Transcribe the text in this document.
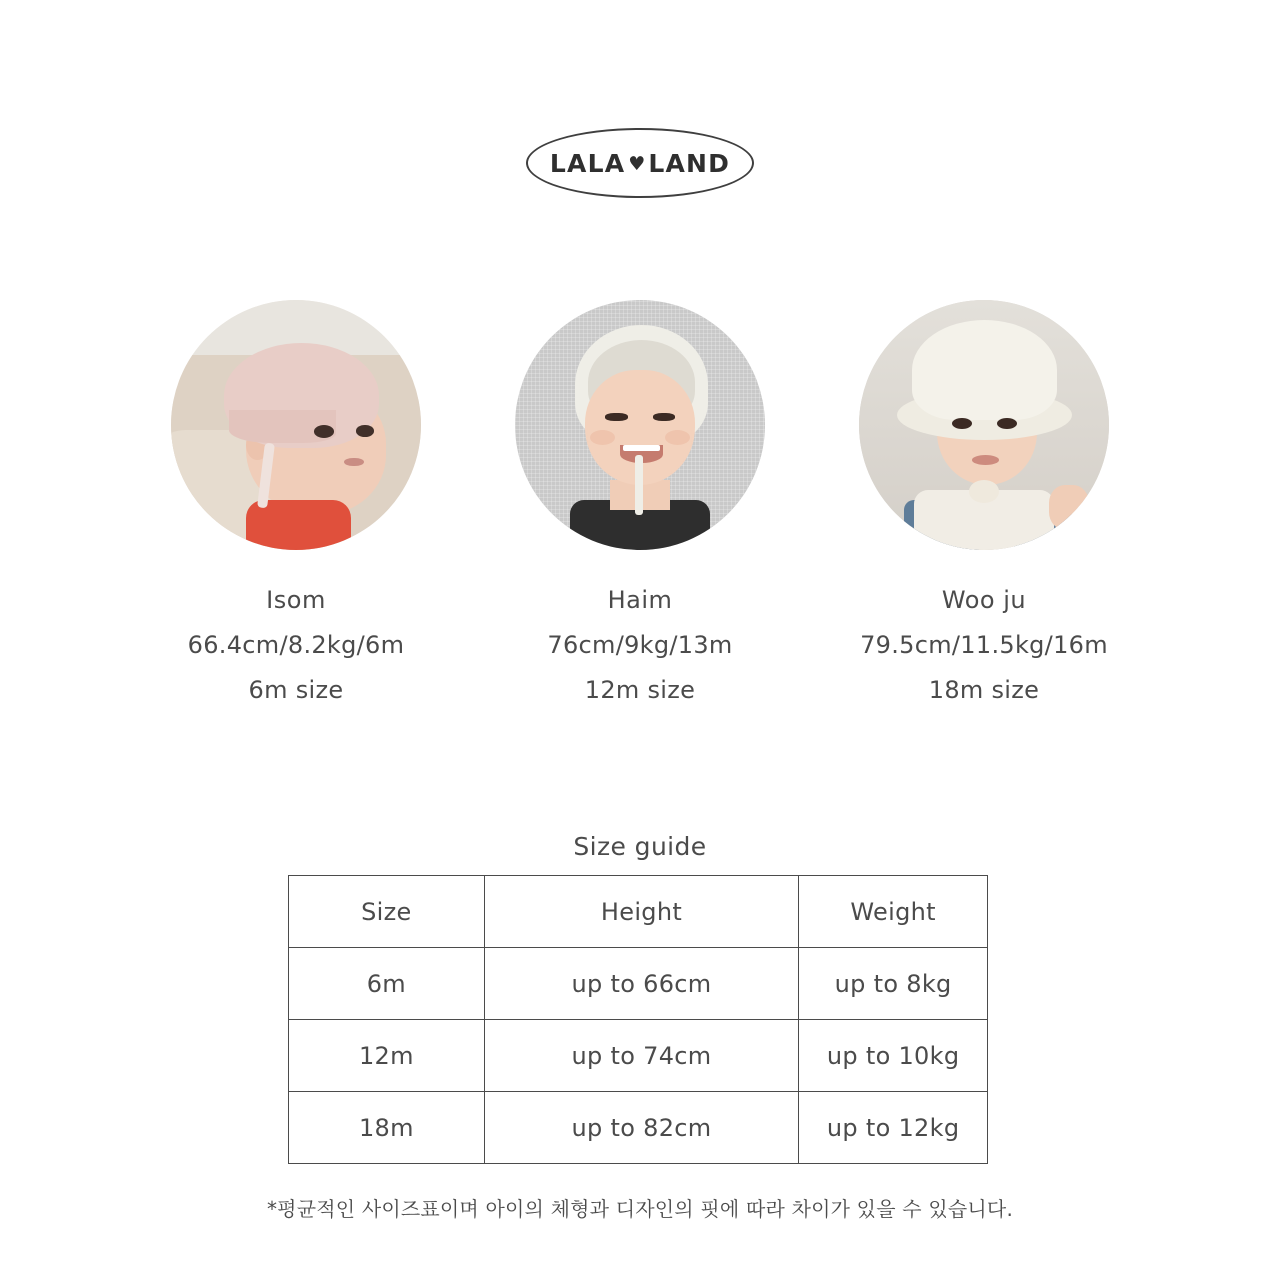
LALA ♥ LAND
Isom
66.4cm/8.2kg/6m
6m size
Haim
76cm/9kg/13m
12m size
Woo ju
79.5cm/11.5kg/16m
18m size
Size guide
Size	Height	Weight
6m	up to 66cm	up to 8kg
12m	up to 74cm	up to 10kg
18m	up to 82cm	up to 12kg
*평균적인 사이즈표이며 아이의 체형과 디자인의 핏에 따라 차이가 있을 수 있습니다.
